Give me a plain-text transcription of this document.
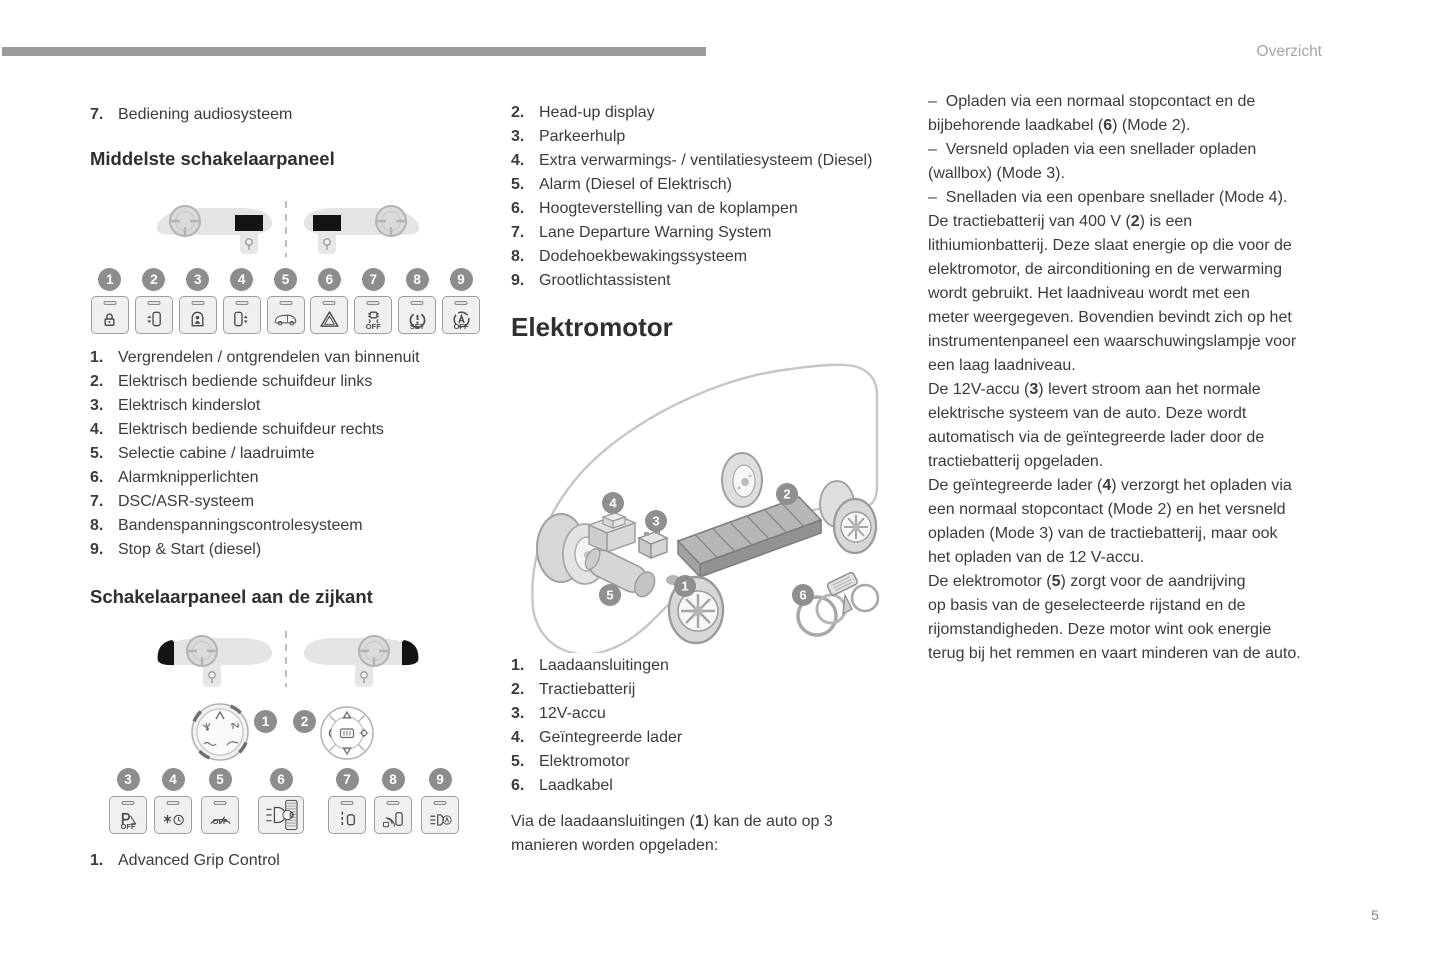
Overzicht
5
7. Bediening audiosysteem
Middelste schakelaarpaneel
1	2	3	4	5	6	7
OFF
8
SET
9
OFF
1. Vergrendelen / ontgrendelen van binnenuit
2. Elektrisch bediende schuifdeur links
3. Elektrisch kinderslot
4. Elektrisch bediende schuifdeur rechts
5. Selectie cabine / laadruimte
6. Alarmknipperlichten
7. DSC/ASR-systeem
8. Bandenspanningscontrolesysteem
9. Stop & Start (diesel)
Schakelaarpaneel aan de zijkant
1	2
3
OFF
4	5
OFF
6
0
7	8	9
1. Advanced Grip Control
2. Head-up display
3. Parkeerhulp
4. Extra verwarmings- / ventilatiesysteem (Diesel)
5. Alarm (Diesel of Elektrisch)
6. Hoogteverstelling van de koplampen
7. Lane Departure Warning System
8. Dodehoekbewakingssysteem
9. Grootlichtassistent
Elektromotor
1
2
3
4
5	6
1. Laadaansluitingen
2. Tractiebatterij
3. 12V-accu
4. Geïntegreerde lader
5. Elektromotor
6. Laadkabel
Via de laadaansluitingen (1) kan de auto op 3
manieren worden opgeladen:
–  Opladen via een normaal stopcontact en de
bijbehorende laadkabel (6) (Mode 2).
–  Versneld opladen via een snellader opladen
(wallbox) (Mode 3).
–  Snelladen via een openbare snellader (Mode 4).
De tractiebatterij van 400 V (2) is een
lithiumionbatterij. Deze slaat energie op die voor de
elektromotor, de airconditioning en de verwarming
wordt gebruikt. Het laadniveau wordt met een
meter weergegeven. Bovendien bevindt zich op het
instrumentenpaneel een waarschuwingslampje voor
een laag laadniveau.
De 12V-accu (3) levert stroom aan het normale
elektrische systeem van de auto. Deze wordt
automatisch via de geïntegreerde lader door de
tractiebatterij opgeladen.
De geïntegreerde lader (4) verzorgt het opladen via
een normaal stopcontact (Mode 2) en het versneld
opladen (Mode 3) van de tractiebatterij, maar ook
het opladen van de 12 V-accu.
De elektromotor (5) zorgt voor de aandrijving
op basis van de geselecteerde rijstand en de
rijomstandigheden. Deze motor wint ook energie
terug bij het remmen en vaart minderen van de auto.
